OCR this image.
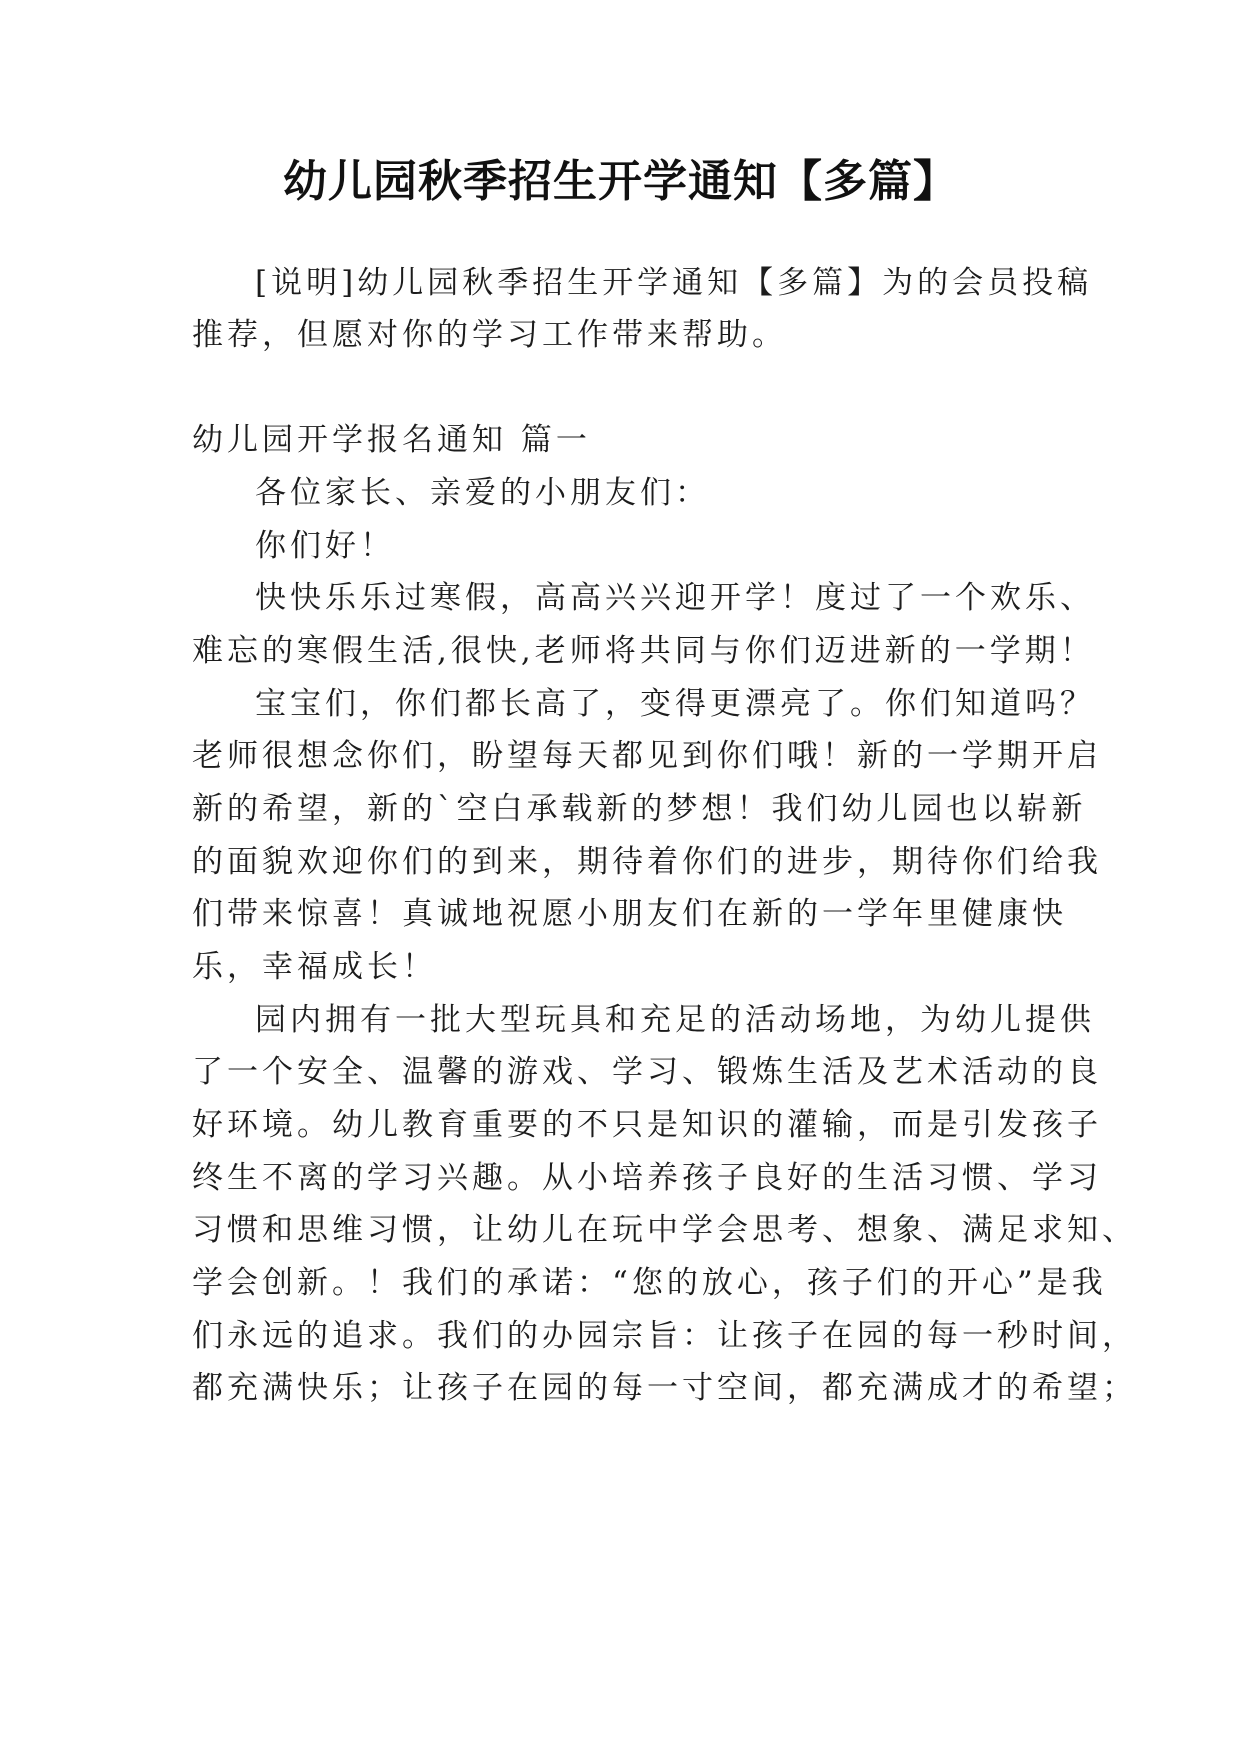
幼儿园秋季招生开学通知【多篇】
[说明]幼儿园秋季招生开学通知【多篇】为的会员投稿
推荐，但愿对你的学习工作带来帮助。
幼儿园开学报名通知 篇一
各位家长、亲爱的小朋友们：
你们好！
快快乐乐过寒假，高高兴兴迎开学！度过了一个欢乐、
难忘的寒假生活,很快,老师将共同与你们迈进新的一学期！
宝宝们，你们都长高了，变得更漂亮了。你们知道吗？
老师很想念你们，盼望每天都见到你们哦！新的一学期开启
新的希望，新的`空白承载新的梦想！我们幼儿园也以崭新
的面貌欢迎你们的到来，期待着你们的进步，期待你们给我
们带来惊喜！真诚地祝愿小朋友们在新的一学年里健康快
乐，幸福成长！
园内拥有一批大型玩具和充足的活动场地，为幼儿提供
了一个安全、温馨的游戏、学习、锻炼生活及艺术活动的良
好环境。幼儿教育重要的不只是知识的灌输，而是引发孩子
终生不离的学习兴趣。从小培养孩子良好的生活习惯、学习
习惯和思维习惯，让幼儿在玩中学会思考、想象、满足求知、
学会创新。！我们的承诺：“您的放心，孩子们的开心”是我
们永远的追求。我们的办园宗旨：让孩子在园的每一秒时间，
都充满快乐；让孩子在园的每一寸空间，都充满成才的希望；
